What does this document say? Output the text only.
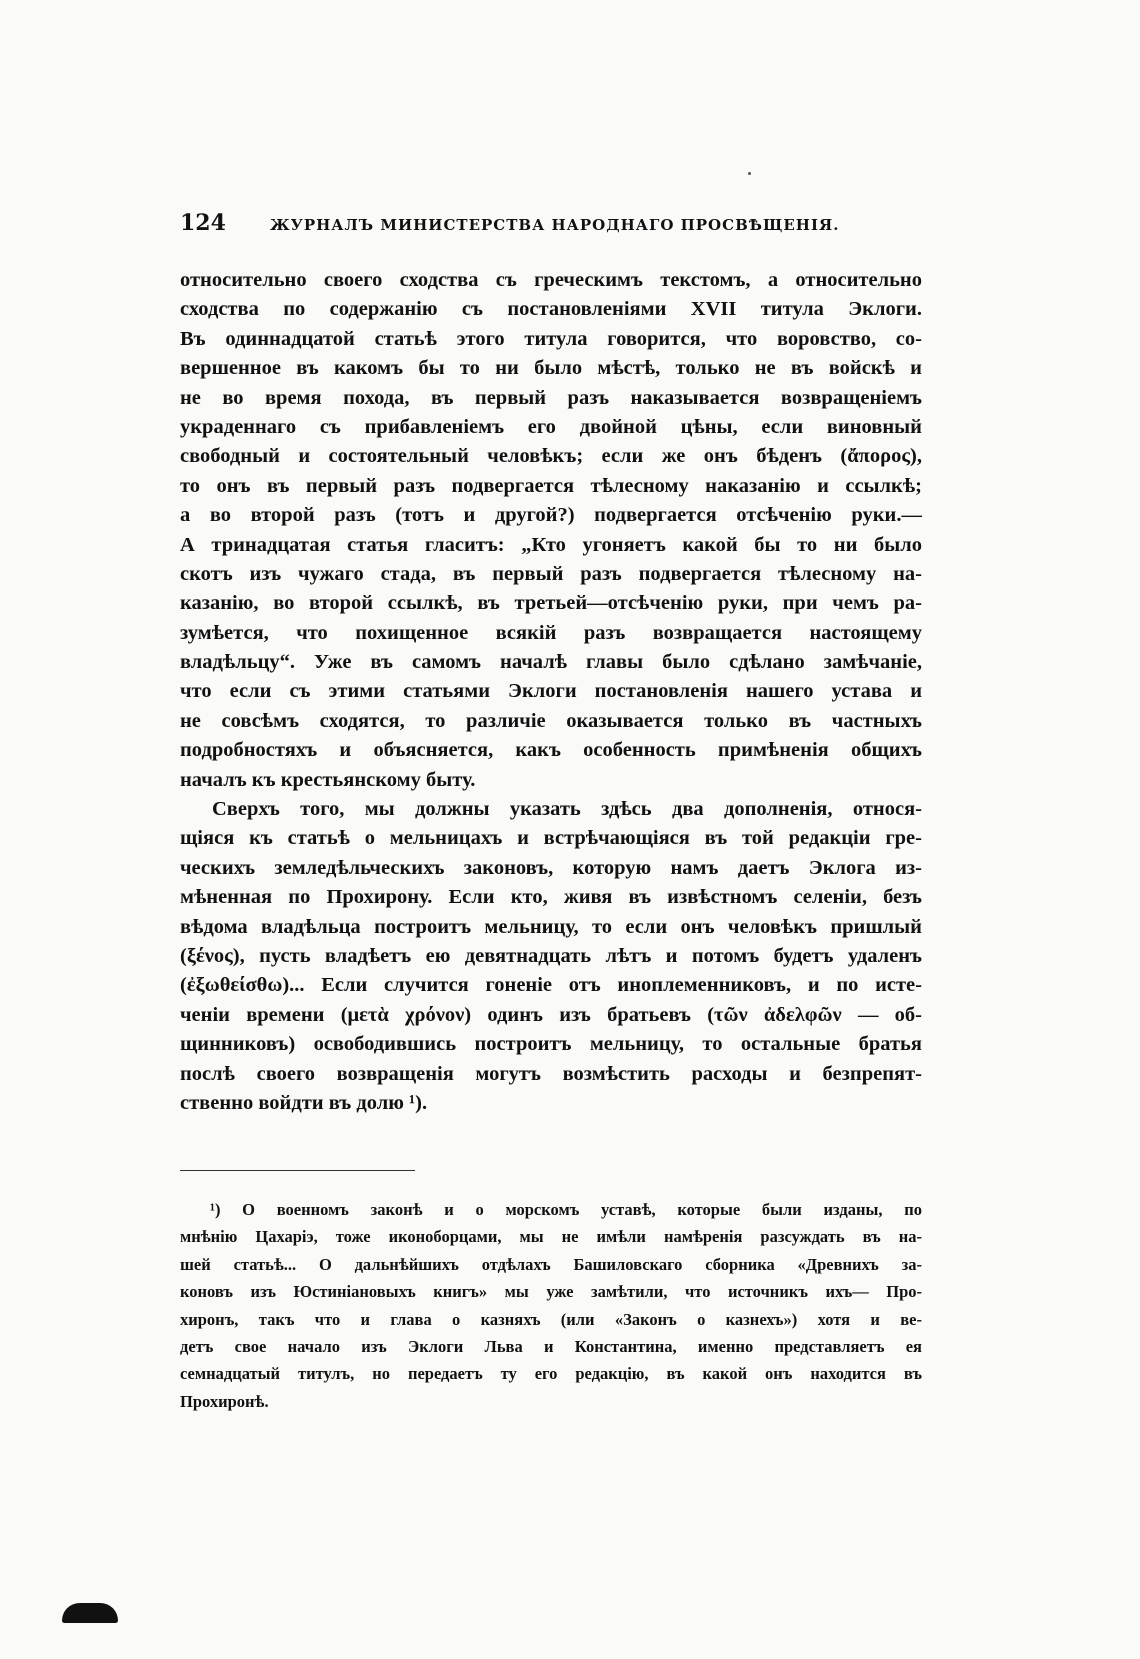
124	ЖУРНАЛЪ МИНИСТЕРСТВА НАРОДНАГО ПРОСВѢЩЕНІЯ.
относительно своего сходства съ греческимъ текстомъ, а относительно
сходства по содержанію съ постановленіями XVII титула Эклоги.
Въ одиннадцатой статьѣ этого титула говорится, что воровство, со-
вершенное въ какомъ бы то ни было мѣстѣ, только не въ войскѣ и
не во время похода, въ первый разъ наказывается возвращеніемъ
украденнаго съ прибавленіемъ его двойной цѣны, если виновный
свободный и состоятельный человѣкъ; если же онъ бѣденъ (ἄπορος),
то онъ въ первый разъ подвергается тѣлесному наказанію и ссылкѣ;
а во второй разъ (тотъ и другой?) подвергается отсѣченію руки.—
А тринадцатая статья гласитъ: „Кто угоняетъ какой бы то ни было
скотъ изъ чужаго стада, въ первый разъ подвергается тѣлесному на-
казанію, во второй ссылкѣ, въ третьей—отсѣченію руки, при чемъ ра-
зумѣется, что похищенное всякій разъ возвращается настоящему
владѣльцу“. Уже въ самомъ началѣ главы было сдѣлано замѣчаніе,
что если съ этими статьями Эклоги постановленія нашего устава и
не совсѣмъ сходятся, то различіе оказывается только въ частныхъ
подробностяхъ и объясняется, какъ особенность примѣненія общихъ
началъ къ крестьянскому быту.
Сверхъ того, мы должны указать здѣсь два дополненія, относя-
щіяся къ статьѣ о мельницахъ и встрѣчающіяся въ той редакціи гре-
ческихъ земледѣльческихъ законовъ, которую намъ даетъ Эклога из-
мѣненная по Прохирону. Если кто, живя въ извѣстномъ селеніи, безъ
вѣдома владѣльца построитъ мельницу, то если онъ человѣкъ пришлый
(ξένος), пусть владѣетъ ею девятнадцать лѣтъ и потомъ будетъ удаленъ
(ἐξωθείσθω)... Если случится гоненіе отъ иноплеменниковъ, и по исте-
ченіи времени (μετὰ χρόνον) одинъ изъ братьевъ (τῶν ἀδελφῶν — об-
щинниковъ) освободившись построитъ мельницу, то остальные братья
послѣ своего возвращенія могутъ возмѣстить расходы и безпрепят-
ственно войдти въ долю ¹).
¹) О военномъ законѣ и о морскомъ уставѣ, которые были изданы, по
мнѣнію Цахаріэ, тоже иконоборцами, мы не имѣли намѣренія разсуждать въ на-
шей статьѣ... О дальнѣйшихъ отдѣлахъ Башиловскаго сборника «Древнихъ за-
коновъ изъ Юстиніановыхъ книгъ» мы уже замѣтили, что источникъ ихъ— Про-
хиронъ, такъ что и глава о казняхъ (или «Законъ о казнехъ») хотя и ве-
детъ свое начало изъ Эклоги Льва и Константина, именно представляетъ ея
семнадцатый титулъ, но передаетъ ту его редакцію, въ какой онъ находится въ
Прохиронѣ.
